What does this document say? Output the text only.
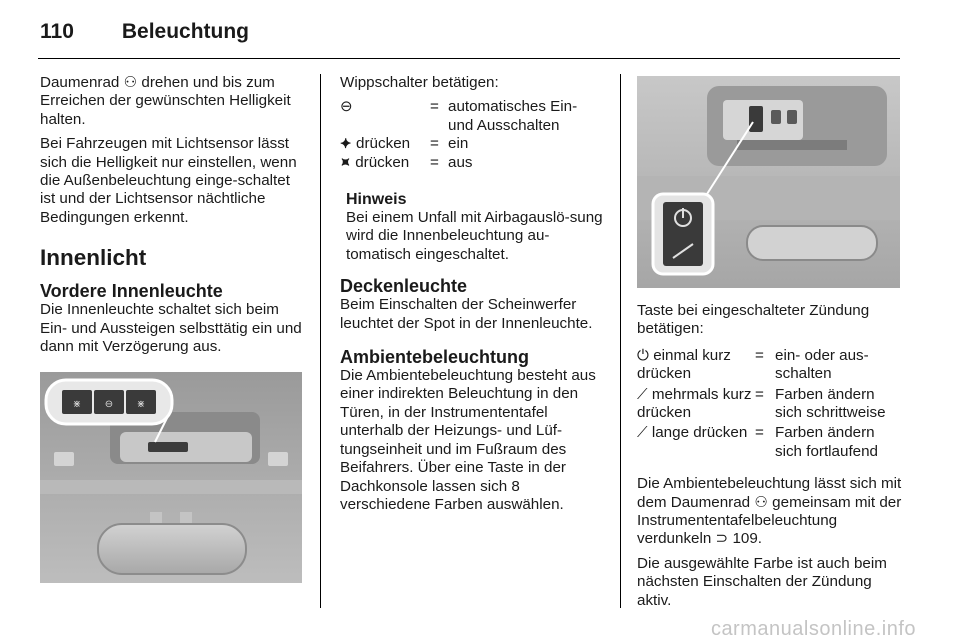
110 Beleuchtung

Daumenrad ⚇ drehen und bis zum Erreichen der gewünschten Helligkeit halten.

Bei Fahrzeugen mit Lichtsensor lässt sich die Helligkeit nur einstellen, wenn die Außenbeleuchtung einge-schaltet ist und der Lichtsensor nächtliche Bedingungen erkennt.

Innenlicht
Vordere Innenleuchte

Die Innenleuchte schaltet sich beim Ein- und Aussteigen selbsttätig ein und dann mit Verzögerung aus.

⋇ ⊖ ⋇

Wippschalter betätigen:

⊖	=	automatisches Ein- und Ausschalten
⯌ drücken	=	ein
⯍ drücken	=	aus
Hinweis

Bei einem Unfall mit Airbagauslö-sung wird die Innenbeleuchtung au-tomatisch eingeschaltet.

Deckenleuchte

Beim Einschalten der Scheinwerfer leuchtet der Spot in der Innenleuchte.

Ambientebeleuchtung

Die Ambientebeleuchtung besteht aus einer indirekten Beleuchtung in den Türen, in der Instrumententafel unterhalb der Heizungs- und Lüf-tungseinheit und im Fußraum des Beifahrers. Über eine Taste in der Dachkonsole lassen sich 8 verschiedene Farben auswählen.

Taste bei eingeschalteter Zündung betätigen:

⏻ einmal kurz drücken	=	ein- oder aus-schalten
⟋ mehrmals kurz drücken	=	Farben ändern sich schrittweise
⟋ lange drücken	=	Farben ändern sich fortlaufend

Die Ambientebeleuchtung lässt sich mit dem Daumenrad ⚇ gemeinsam mit der Instrumententafelbeleuchtung verdunkeln ⊃ 109.

Die ausgewählte Farbe ist auch beim nächsten Einschalten der Zündung aktiv.

carmanualsonline.info
